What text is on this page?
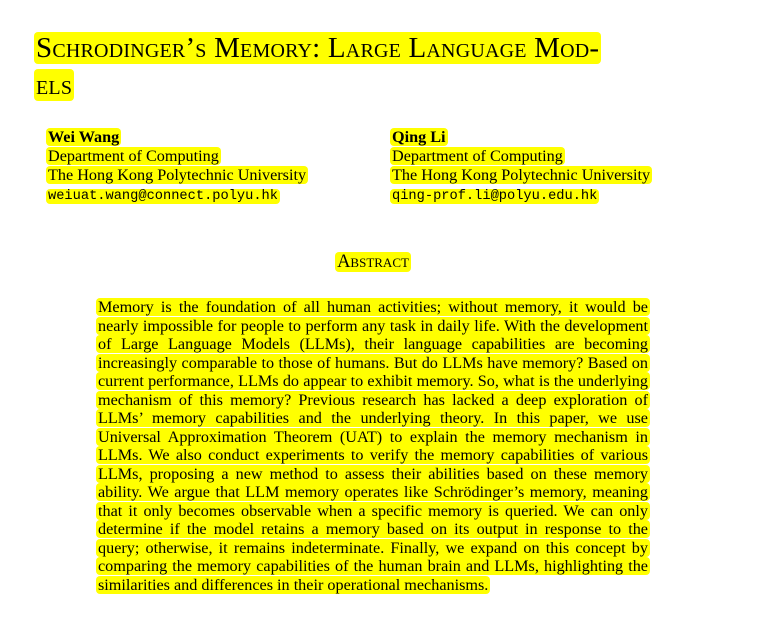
Schrodinger’s Memory: Large Language Mod-
els
Wei Wang
Department of Computing
The Hong Kong Polytechnic University
weiuat.wang@connect.polyu.hk
Qing Li
Department of Computing
The Hong Kong Polytechnic University
qing-prof.li@polyu.edu.hk
Abstract
Memory is the foundation of all human activities; without memory, it would be nearly impossible for people to perform any task in daily life. With the development of Large Language Models (LLMs), their language capabilities are becoming increasingly comparable to those of humans. But do LLMs have memory? Based on current performance, LLMs do appear to exhibit memory. So, what is the underlying mechanism of this memory? Previous research has lacked a deep exploration of LLMs’ memory capabilities and the underlying theory. In this paper, we use Universal Approximation Theorem (UAT) to explain the memory mechanism in LLMs. We also conduct experiments to verify the memory capabilities of various LLMs, proposing a new method to assess their abilities based on these memory ability. We argue that LLM memory operates like Schrödinger’s memory, meaning that it only becomes observable when a specific memory is queried. We can only determine if the model retains a memory based on its output in response to the query; otherwise, it remains indeterminate. Finally, we expand on this concept by comparing the memory capabilities of the human brain and LLMs, highlighting the similarities and differences in their operational mechanisms.
